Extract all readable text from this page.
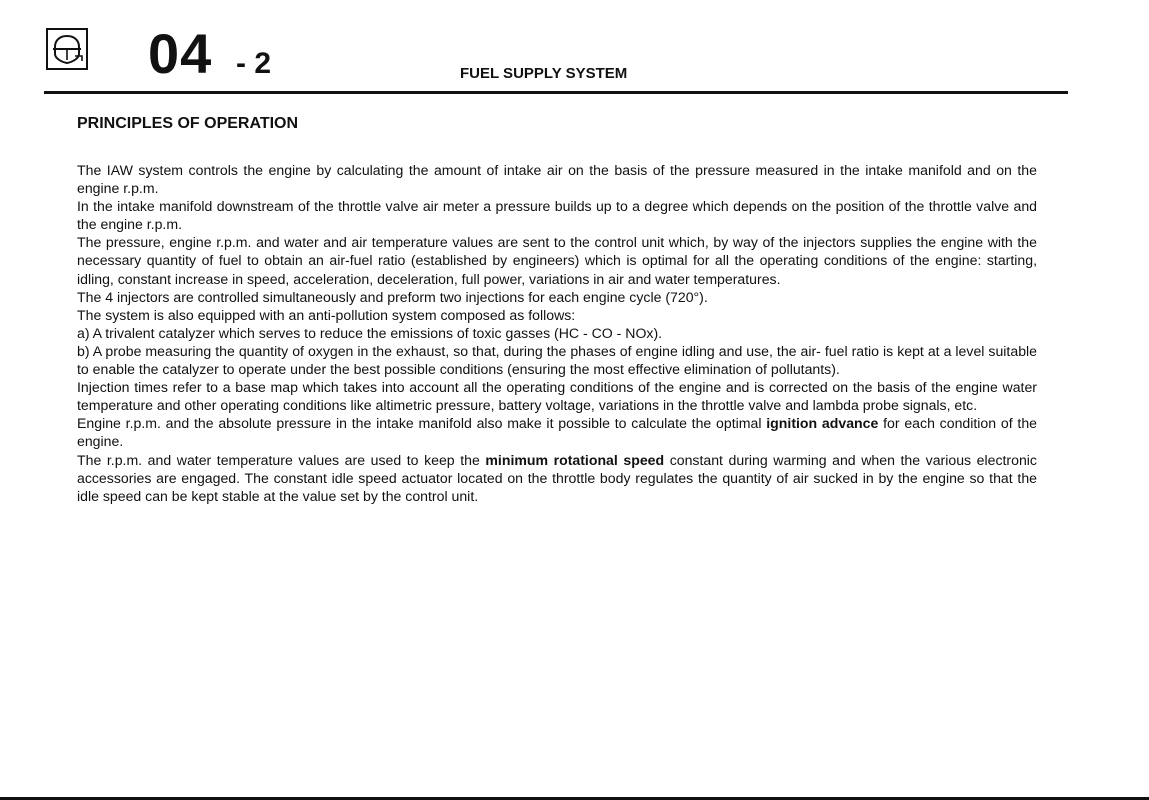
04 - 2	FUEL SUPPLY SYSTEM
PRINCIPLES OF OPERATION

The IAW system controls the engine by calculating the amount of intake air on the basis of the pressure measured in the intake manifold and on the engine r.p.m.

In the intake manifold downstream of the throttle valve air meter a pressure builds up to a degree which depends on the position of the throttle valve and the engine r.p.m.

The pressure, engine r.p.m. and water and air temperature values are sent to the control unit which, by way of the injectors supplies the engine with the necessary quantity of fuel to obtain an air-fuel ratio (established by engineers) which is optimal for all the operating conditions of the engine: starting, idling, constant increase in speed, acceleration, deceleration, full power, variations in air and water temperatures.

The 4 injectors are controlled simultaneously and preform two injections for each engine cycle (720°).

The system is also equipped with an anti-pollution system composed as follows:

a) A trivalent catalyzer which serves to reduce the emissions of toxic gasses (HC - CO - NOx).

b) A probe measuring the quantity of oxygen in the exhaust, so that, during the phases of engine idling and use, the air- fuel ratio is kept at a level suitable to enable the catalyzer to operate under the best possible conditions (ensuring the most effective elimination of pollutants).

Injection times refer to a base map which takes into account all the operating conditions of the engine and is corrected on the basis of the engine water temperature and other operating conditions like altimetric pressure, battery voltage, variations in the throttle valve and lambda probe signals, etc.

Engine r.p.m. and the absolute pressure in the intake manifold also make it possible to calculate the optimal ignition advance for each condition of the engine.

The r.p.m. and water temperature values are used to keep the minimum rotational speed constant during warming and when the various electronic accessories are engaged. The constant idle speed actuator located on the throttle body regulates the quantity of air sucked in by the engine so that the idle speed can be kept stable at the value set by the control unit.
